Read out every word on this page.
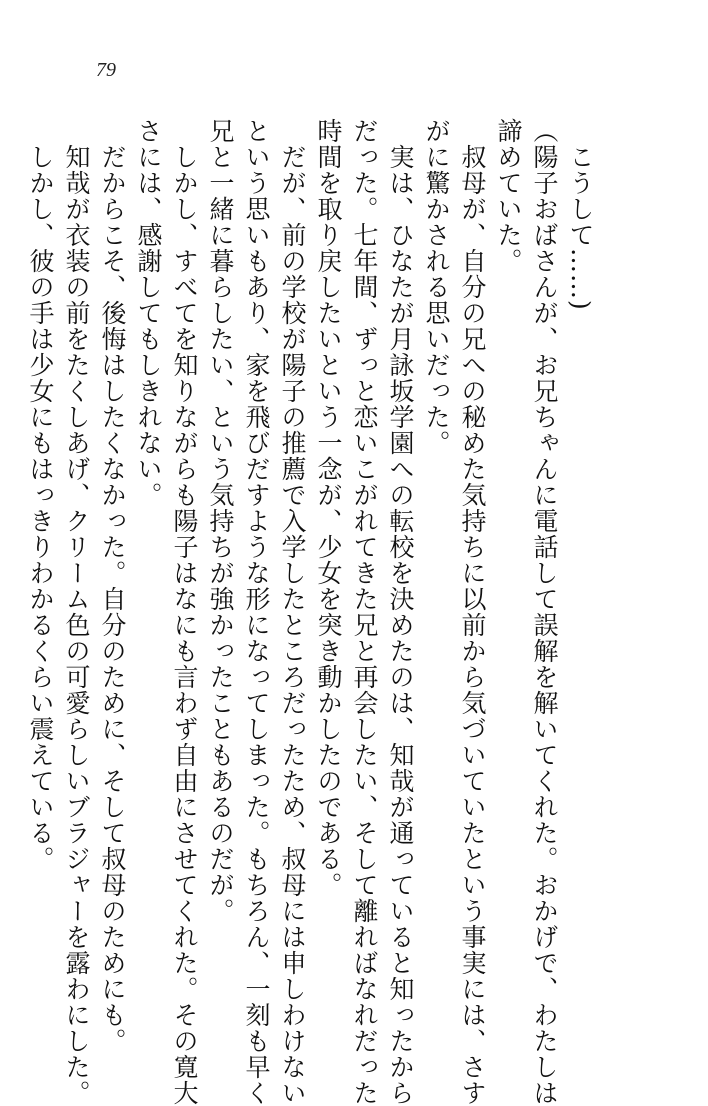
79

　こうして……)

（陽子おばさんが、お兄ちゃんに電話して誤解を解いてくれた。おかげで、わたしは

諦めていた。

　叔母が、自分の兄への秘めた気持ちに以前から気づいていたという事実には、さす

がに驚かされる思いだった。

　実は、ひなたが月詠坂学園への転校を決めたのは、知哉が通っていると知ったから

だった。七年間、ずっと恋いこがれてきた兄と再会したい、そして離ればなれだった

時間を取り戻したいという一念が、少女を突き動かしたのである。

　だが、前の学校が陽子の推薦で入学したところだったため、叔母には申しわけない

という思いもあり、家を飛びだすような形になってしまった。もちろん、一刻も早く

兄と一緒に暮らしたい、という気持ちが強かったこともあるのだが。

　しかし、すべてを知りながらも陽子はなにも言わず自由にさせてくれた。その寛大

さには、感謝してもしきれない。

　だからこそ、後悔はしたくなかった。自分のために、そして叔母のためにも。

　知哉が衣装の前をたくしあげ、クリーム色の可愛らしいブラジャーを露わにした。

　しかし、彼の手は少女にもはっきりわかるくらい震えている。
